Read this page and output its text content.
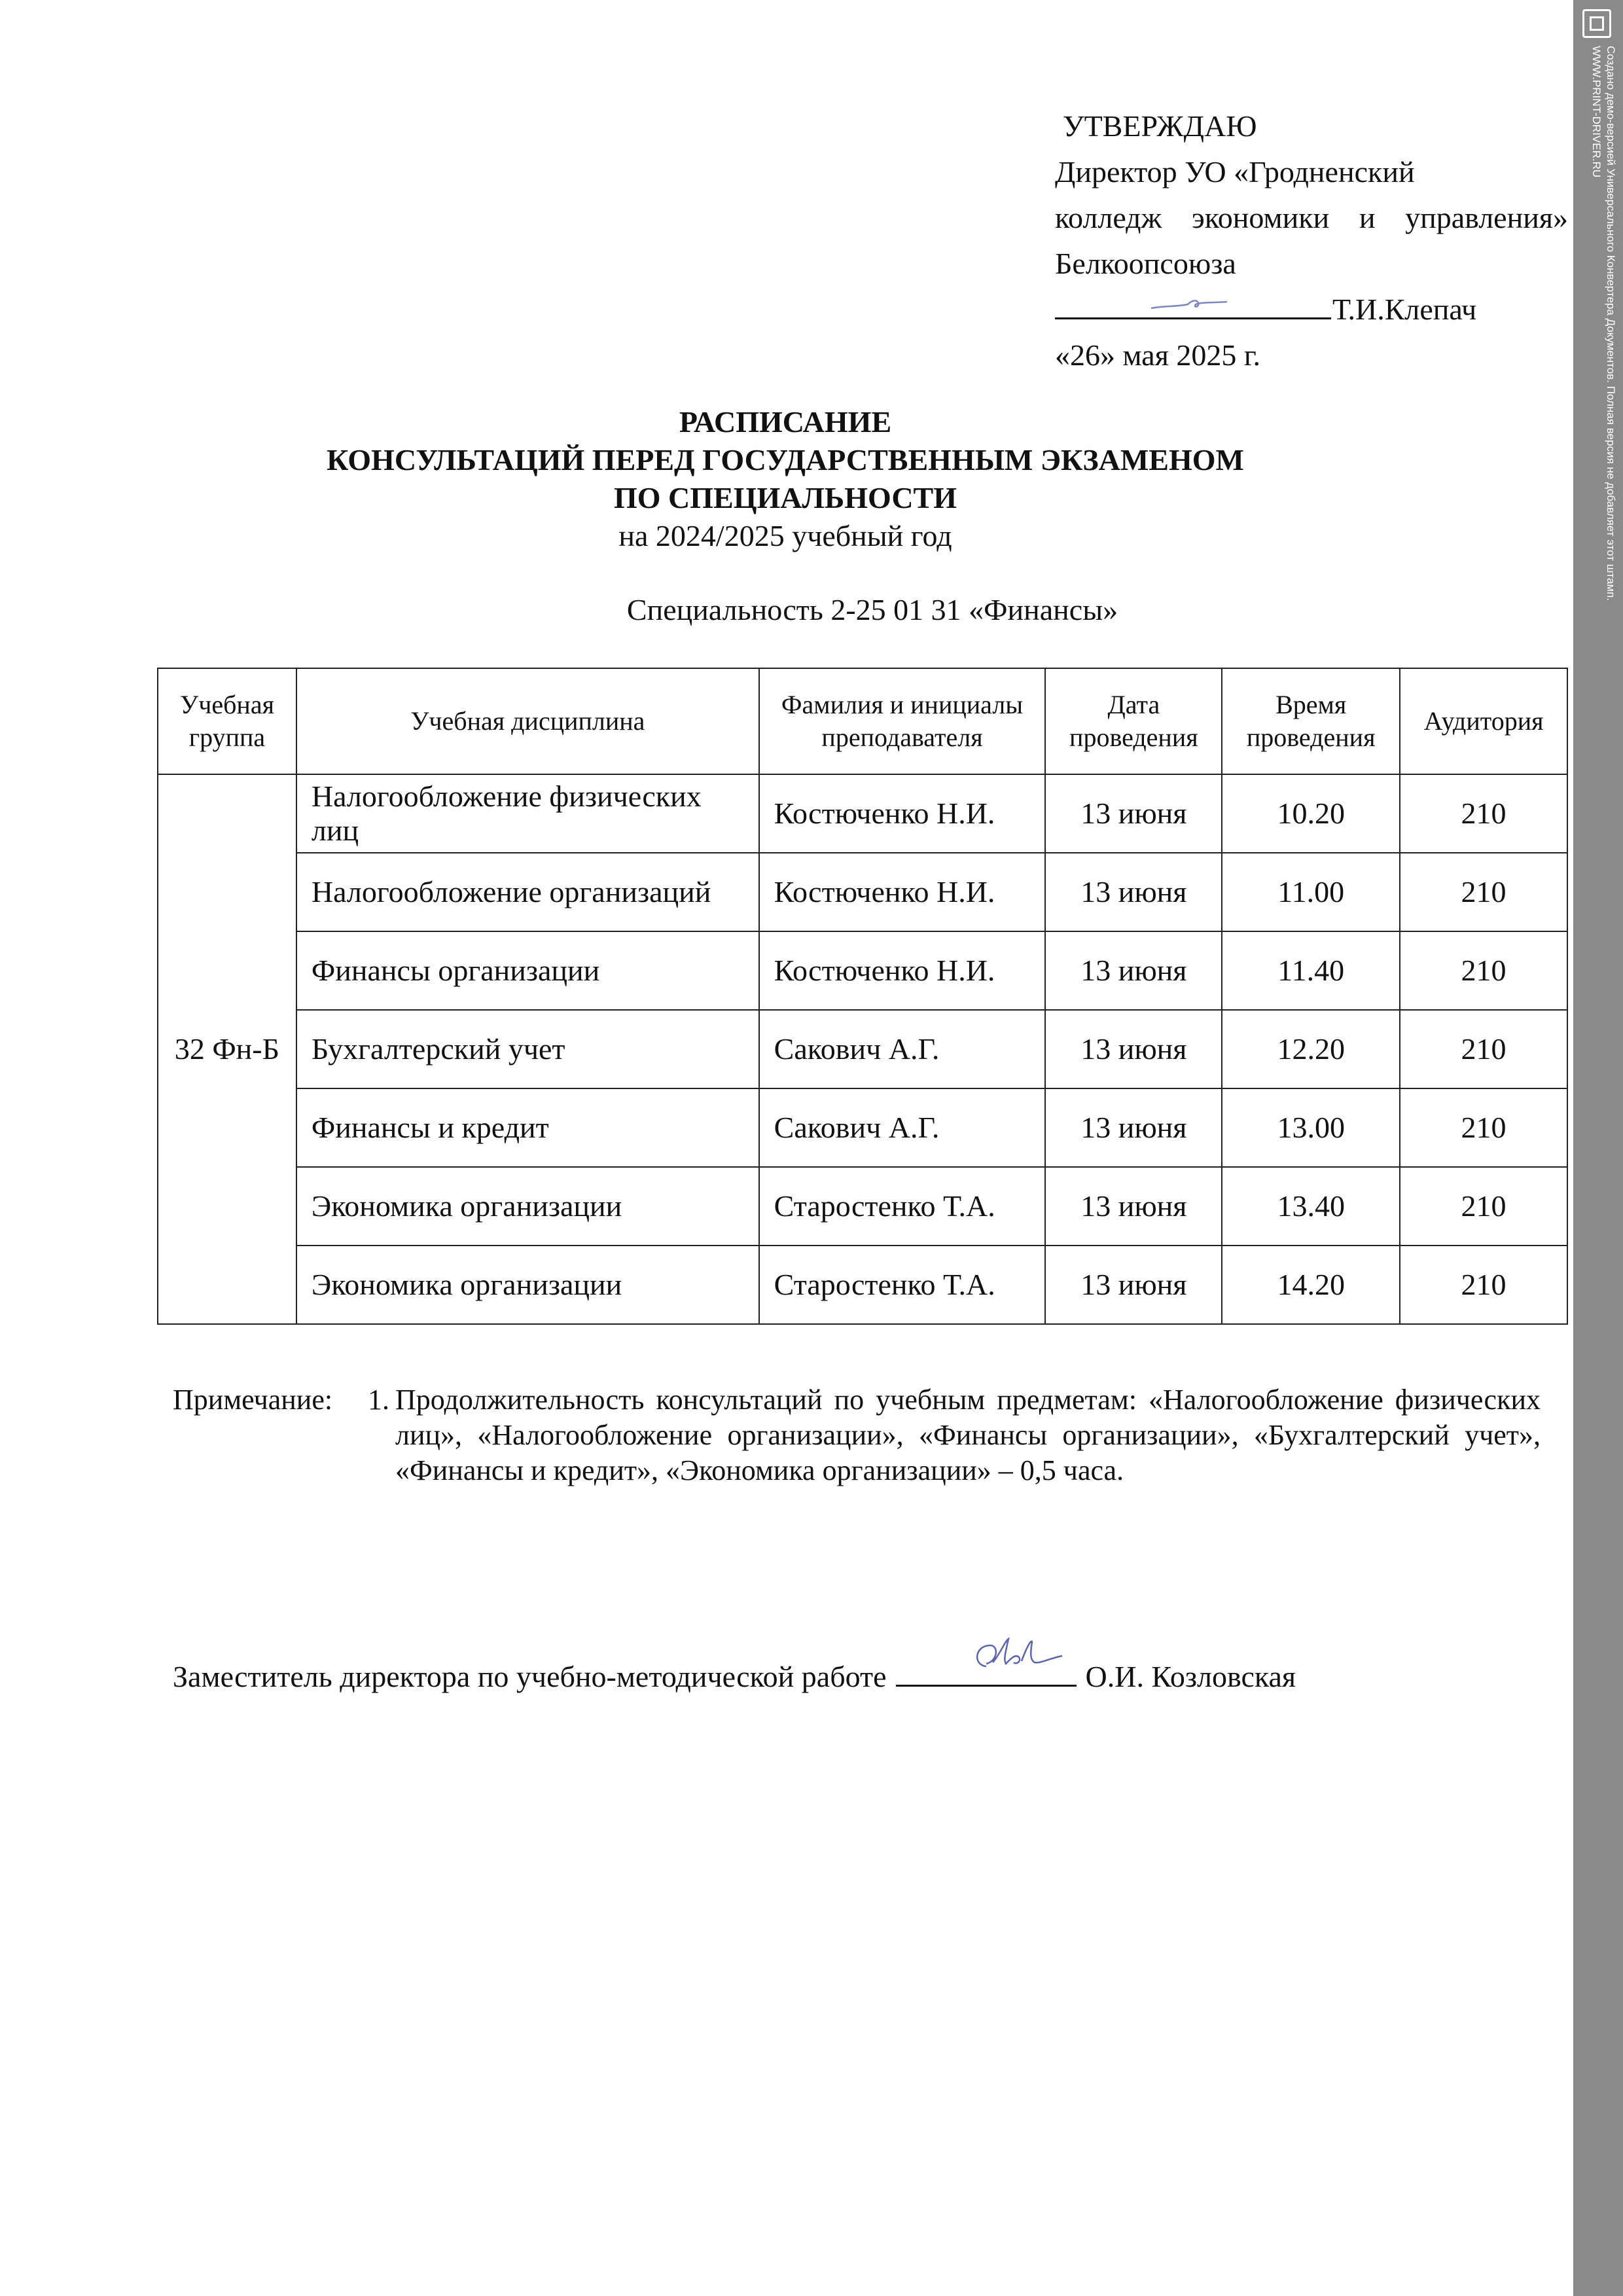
УТВЕРЖДАЮ
Директор УО «Гродненский
колледж экономики и управления»
Белкоопсоюза
Т.И.Клепач
«26» мая 2025 г.
РАСПИСАНИЕ
КОНСУЛЬТАЦИЙ ПЕРЕД ГОСУДАРСТВЕННЫМ ЭКЗАМЕНОМ
ПО СПЕЦИАЛЬНОСТИ
на 2024/2025 учебный год
Специальность 2-25 01 31 «Финансы»
Учебная группа	Учебная дисциплина	Фамилия и инициалы преподавателя	Дата проведения	Время проведения	Аудитория
32 Фн-Б	Налогообложение физических лиц	Костюченко Н.И.	13 июня	10.20	210
	Налогообложение организаций	Костюченко Н.И.	13 июня	11.00	210
	Финансы организации	Костюченко Н.И.	13 июня	11.40	210
	Бухгалтерский учет	Сакович А.Г.	13 июня	12.20	210
	Финансы и кредит	Сакович А.Г.	13 июня	13.00	210
	Экономика организации	Старостенко Т.А.	13 июня	13.40	210
	Экономика организации	Старостенко Т.А.	13 июня	14.20	210
Примечание: 1. Продолжительность консультаций по учебным предметам: «Налогообложение физических лиц», «Налогообложение организации», «Финансы организации», «Бухгалтерский учет», «Финансы и кредит», «Экономика организации» – 0,5 часа.
Заместитель директора по учебно-методической работе	О.И. Козловская
Создано демо-версией Универсального Конвертера Документов. Полная версия не добавляет этот штамп.
WWW.PRINT-DRIVER.RU
